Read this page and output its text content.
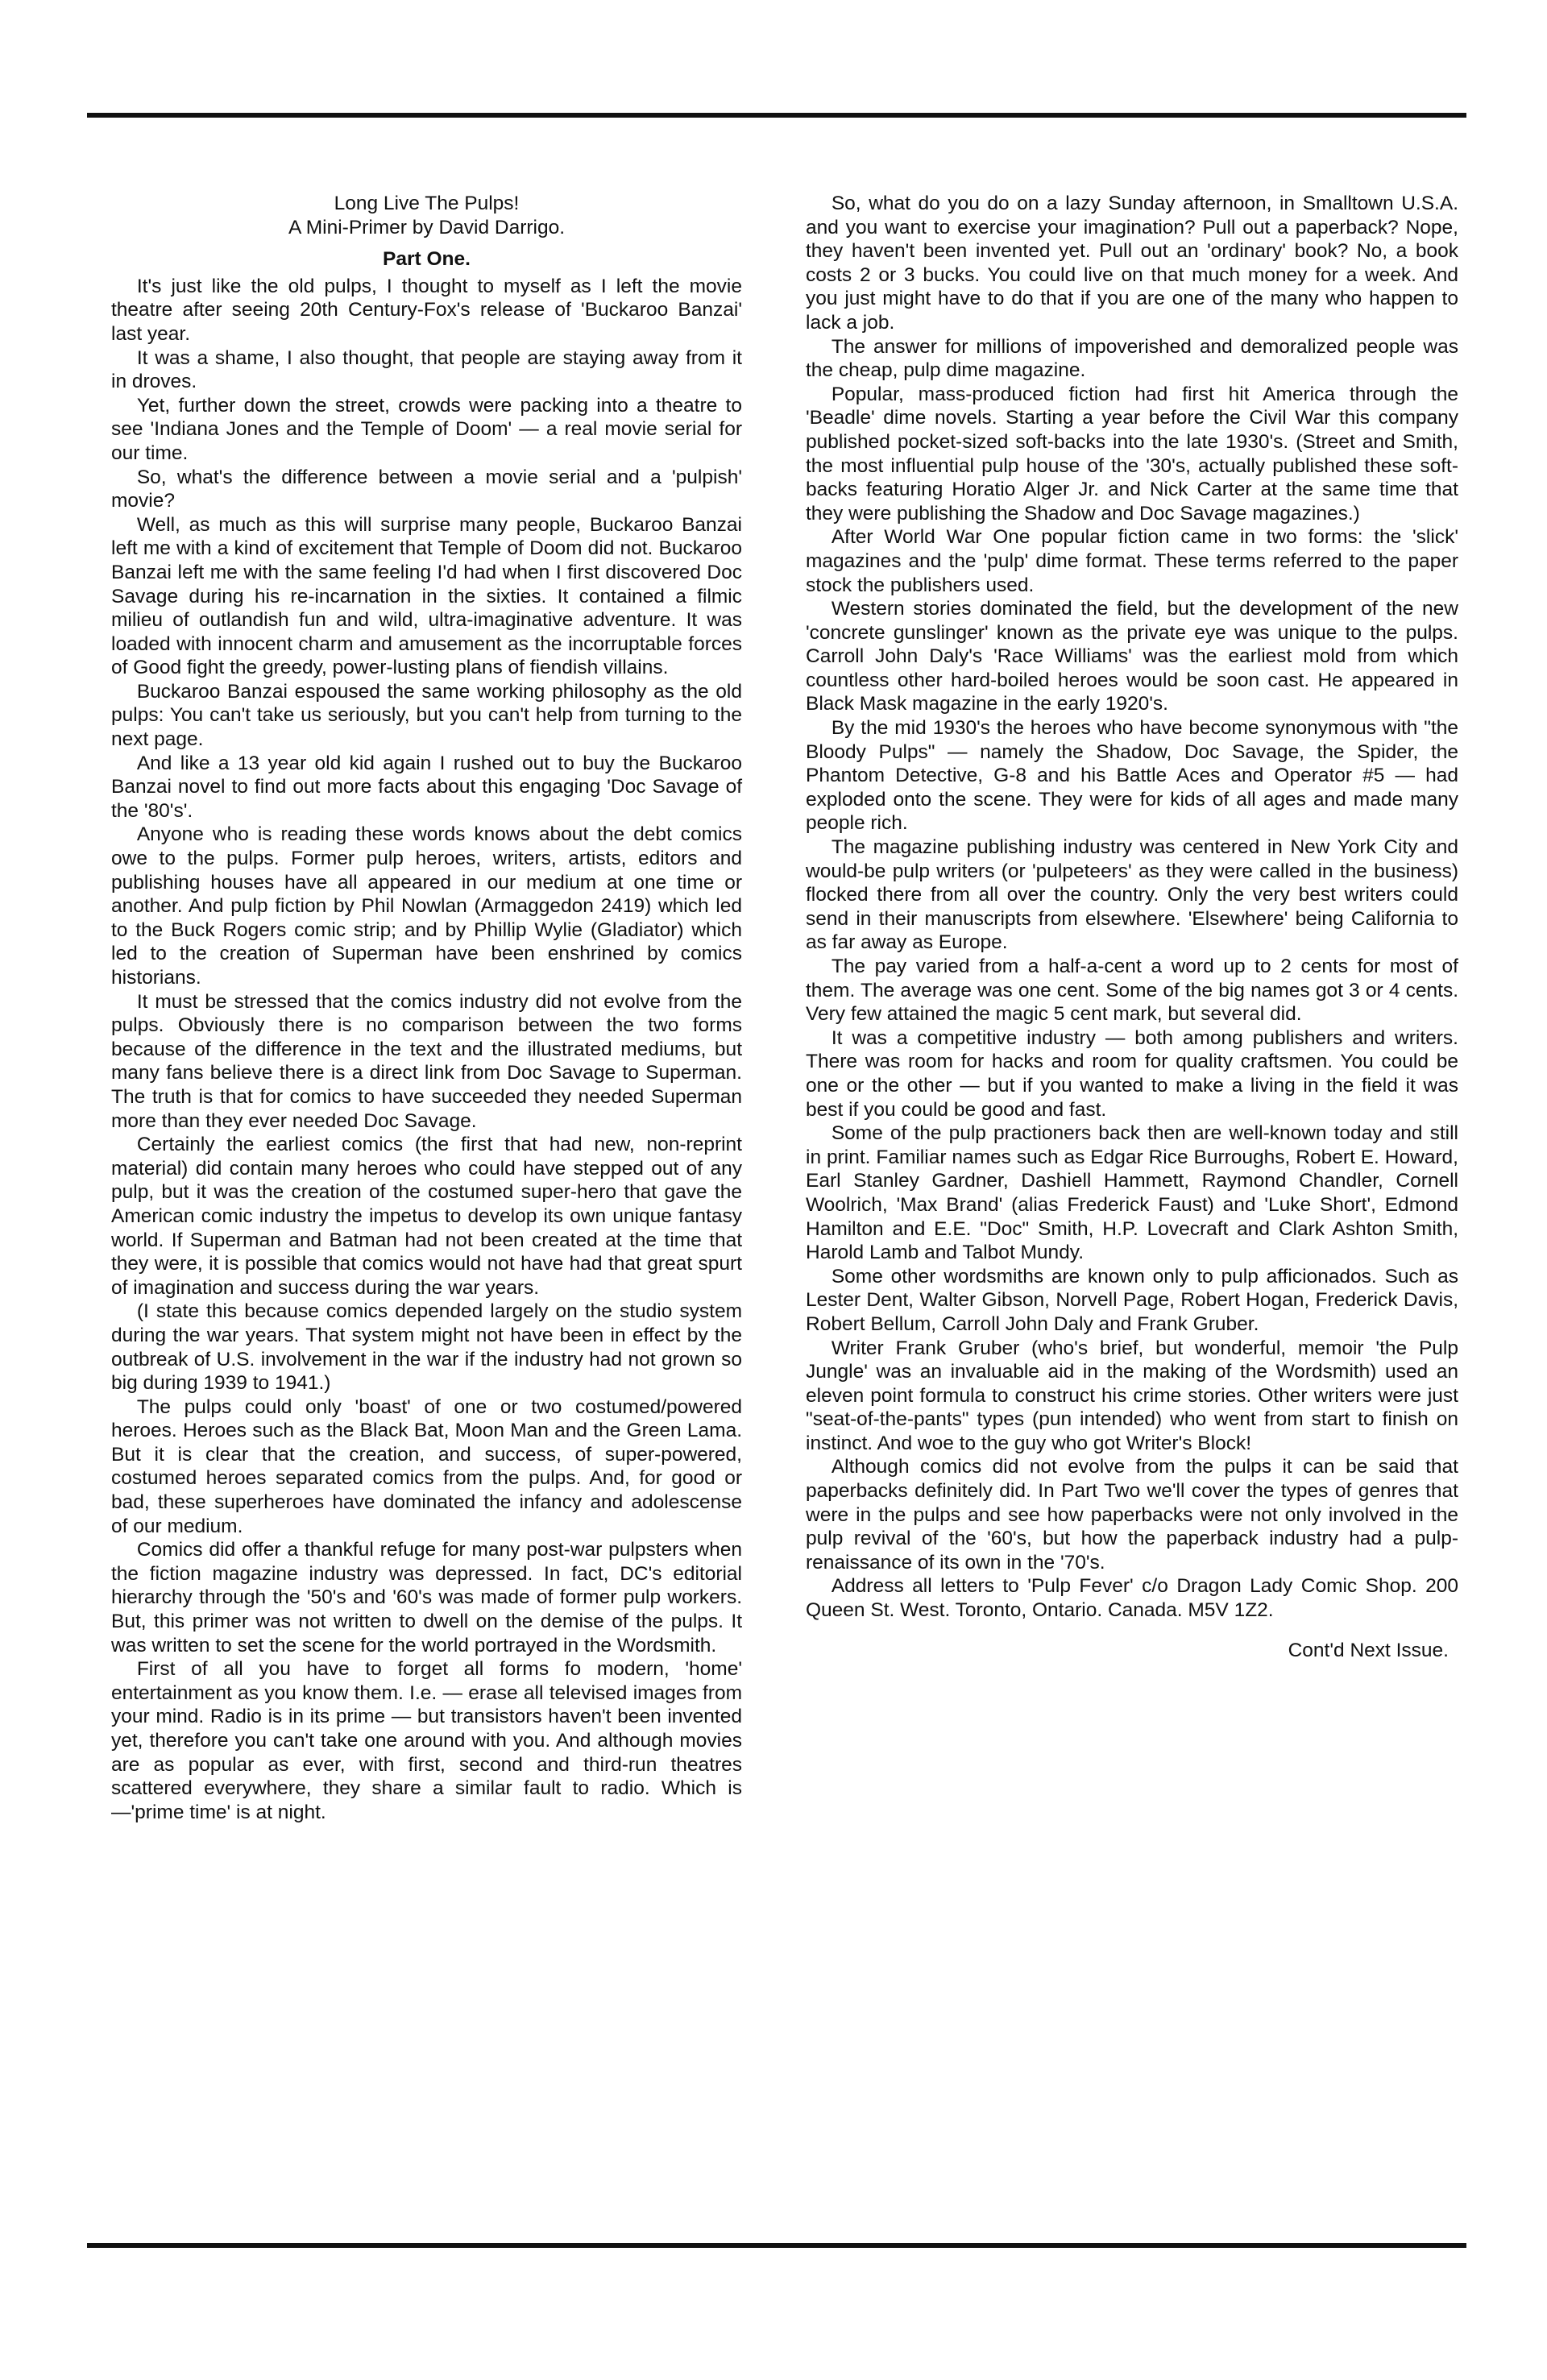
Long Live The Pulps!
A Mini-Primer by David Darrigo.
Part One.

It's just like the old pulps, I thought to myself as I left the movie theatre after seeing 20th Century-Fox's release of 'Buckaroo Banzai' last year.

It was a shame, I also thought, that people are staying away from it in droves.

Yet, further down the street, crowds were packing into a theatre to see 'Indiana Jones and the Temple of Doom' — a real movie serial for our time.

So, what's the difference between a movie serial and a 'pulpish' movie?

Well, as much as this will surprise many people, Buckaroo Banzai left me with a kind of excitement that Temple of Doom did not. Buckaroo Banzai left me with the same feeling I'd had when I first discovered Doc Savage during his re-incarnation in the sixties. It contained a filmic milieu of outlandish fun and wild, ultra-imaginative adventure. It was loaded with innocent charm and amusement as the incorruptable forces of Good fight the greedy, power-lusting plans of fiendish villains.

Buckaroo Banzai espoused the same working philosophy as the old pulps: You can't take us seriously, but you can't help from turning to the next page.

And like a 13 year old kid again I rushed out to buy the Buckaroo Banzai novel to find out more facts about this engaging 'Doc Savage of the '80's'.

Anyone who is reading these words knows about the debt comics owe to the pulps. Former pulp heroes, writers, artists, editors and publishing houses have all appeared in our medium at one time or another. And pulp fiction by Phil Nowlan (Armaggedon 2419) which led to the Buck Rogers comic strip; and by Phillip Wylie (Gladiator) which led to the creation of Superman have been enshrined by comics historians.

It must be stressed that the comics industry did not evolve from the pulps. Obviously there is no comparison between the two forms because of the difference in the text and the illustrated mediums, but many fans believe there is a direct link from Doc Savage to Superman. The truth is that for comics to have succeeded they needed Superman more than they ever needed Doc Savage.

Certainly the earliest comics (the first that had new, non-reprint material) did contain many heroes who could have stepped out of any pulp, but it was the creation of the costumed super-hero that gave the American comic industry the impetus to develop its own unique fantasy world. If Superman and Batman had not been created at the time that they were, it is possible that comics would not have had that great spurt of imagination and success during the war years.

(I state this because comics depended largely on the studio system during the war years. That system might not have been in effect by the outbreak of U.S. involvement in the war if the industry had not grown so big during 1939 to 1941.)

The pulps could only 'boast' of one or two costumed/powered heroes. Heroes such as the Black Bat, Moon Man and the Green Lama. But it is clear that the creation, and success, of super-powered, costumed heroes separated comics from the pulps. And, for good or bad, these superheroes have dominated the infancy and adolescense of our medium.

Comics did offer a thankful refuge for many post-war pulpsters when the fiction magazine industry was depressed. In fact, DC's editorial hierarchy through the '50's and '60's was made of former pulp workers. But, this primer was not written to dwell on the demise of the pulps. It was written to set the scene for the world portrayed in the Wordsmith.

First of all you have to forget all forms fo modern, 'home' entertainment as you know them. I.e. — erase all televised images from your mind. Radio is in its prime — but transistors haven't been invented yet, therefore you can't take one around with you. And although movies are as popular as ever, with first, second and third-run theatres scattered everywhere, they share a similar fault to radio. Which is —'prime time' is at night.

So, what do you do on a lazy Sunday afternoon, in Smalltown U.S.A. and you want to exercise your imagination? Pull out a paperback? Nope, they haven't been invented yet. Pull out an 'ordinary' book? No, a book costs 2 or 3 bucks. You could live on that much money for a week. And you just might have to do that if you are one of the many who happen to lack a job.

The answer for millions of impoverished and demoralized people was the cheap, pulp dime magazine.

Popular, mass-produced fiction had first hit America through the 'Beadle' dime novels. Starting a year before the Civil War this company published pocket-sized soft-backs into the late 1930's. (Street and Smith, the most influential pulp house of the '30's, actually published these soft-backs featuring Horatio Alger Jr. and Nick Carter at the same time that they were publishing the Shadow and Doc Savage magazines.)

After World War One popular fiction came in two forms: the 'slick' magazines and the 'pulp' dime format. These terms referred to the paper stock the publishers used.

Western stories dominated the field, but the development of the new 'concrete gunslinger' known as the private eye was unique to the pulps. Carroll John Daly's 'Race Williams' was the earliest mold from which countless other hard-boiled heroes would be soon cast. He appeared in Black Mask magazine in the early 1920's.

By the mid 1930's the heroes who have become synonymous with "the Bloody Pulps" — namely the Shadow, Doc Savage, the Spider, the Phantom Detective, G-8 and his Battle Aces and Operator #5 — had exploded onto the scene. They were for kids of all ages and made many people rich.

The magazine publishing industry was centered in New York City and would-be pulp writers (or 'pulpeteers' as they were called in the business) flocked there from all over the country. Only the very best writers could send in their manuscripts from elsewhere. 'Elsewhere' being California to as far away as Europe.

The pay varied from a half-a-cent a word up to 2 cents for most of them. The average was one cent. Some of the big names got 3 or 4 cents. Very few attained the magic 5 cent mark, but several did.

It was a competitive industry — both among publishers and writers. There was room for hacks and room for quality craftsmen. You could be one or the other — but if you wanted to make a living in the field it was best if you could be good and fast.

Some of the pulp practioners back then are well-known today and still in print. Familiar names such as Edgar Rice Burroughs, Robert E. Howard, Earl Stanley Gardner, Dashiell Hammett, Raymond Chandler, Cornell Woolrich, 'Max Brand' (alias Frederick Faust) and 'Luke Short', Edmond Hamilton and E.E. "Doc" Smith, H.P. Lovecraft and Clark Ashton Smith, Harold Lamb and Talbot Mundy.

Some other wordsmiths are known only to pulp afficionados. Such as Lester Dent, Walter Gibson, Norvell Page, Robert Hogan, Frederick Davis, Robert Bellum, Carroll John Daly and Frank Gruber.

Writer Frank Gruber (who's brief, but wonderful, memoir 'the Pulp Jungle' was an invaluable aid in the making of the Wordsmith) used an eleven point formula to construct his crime stories. Other writers were just "seat-of-the-pants" types (pun intended) who went from start to finish on instinct. And woe to the guy who got Writer's Block!

Although comics did not evolve from the pulps it can be said that paperbacks definitely did. In Part Two we'll cover the types of genres that were in the pulps and see how paperbacks were not only involved in the pulp revival of the '60's, but how the paperback industry had a pulp-renaissance of its own in the '70's.

Address all letters to 'Pulp Fever' c/o Dragon Lady Comic Shop. 200 Queen St. West. Toronto, Ontario. Canada. M5V 1Z2.

Cont'd Next Issue.
